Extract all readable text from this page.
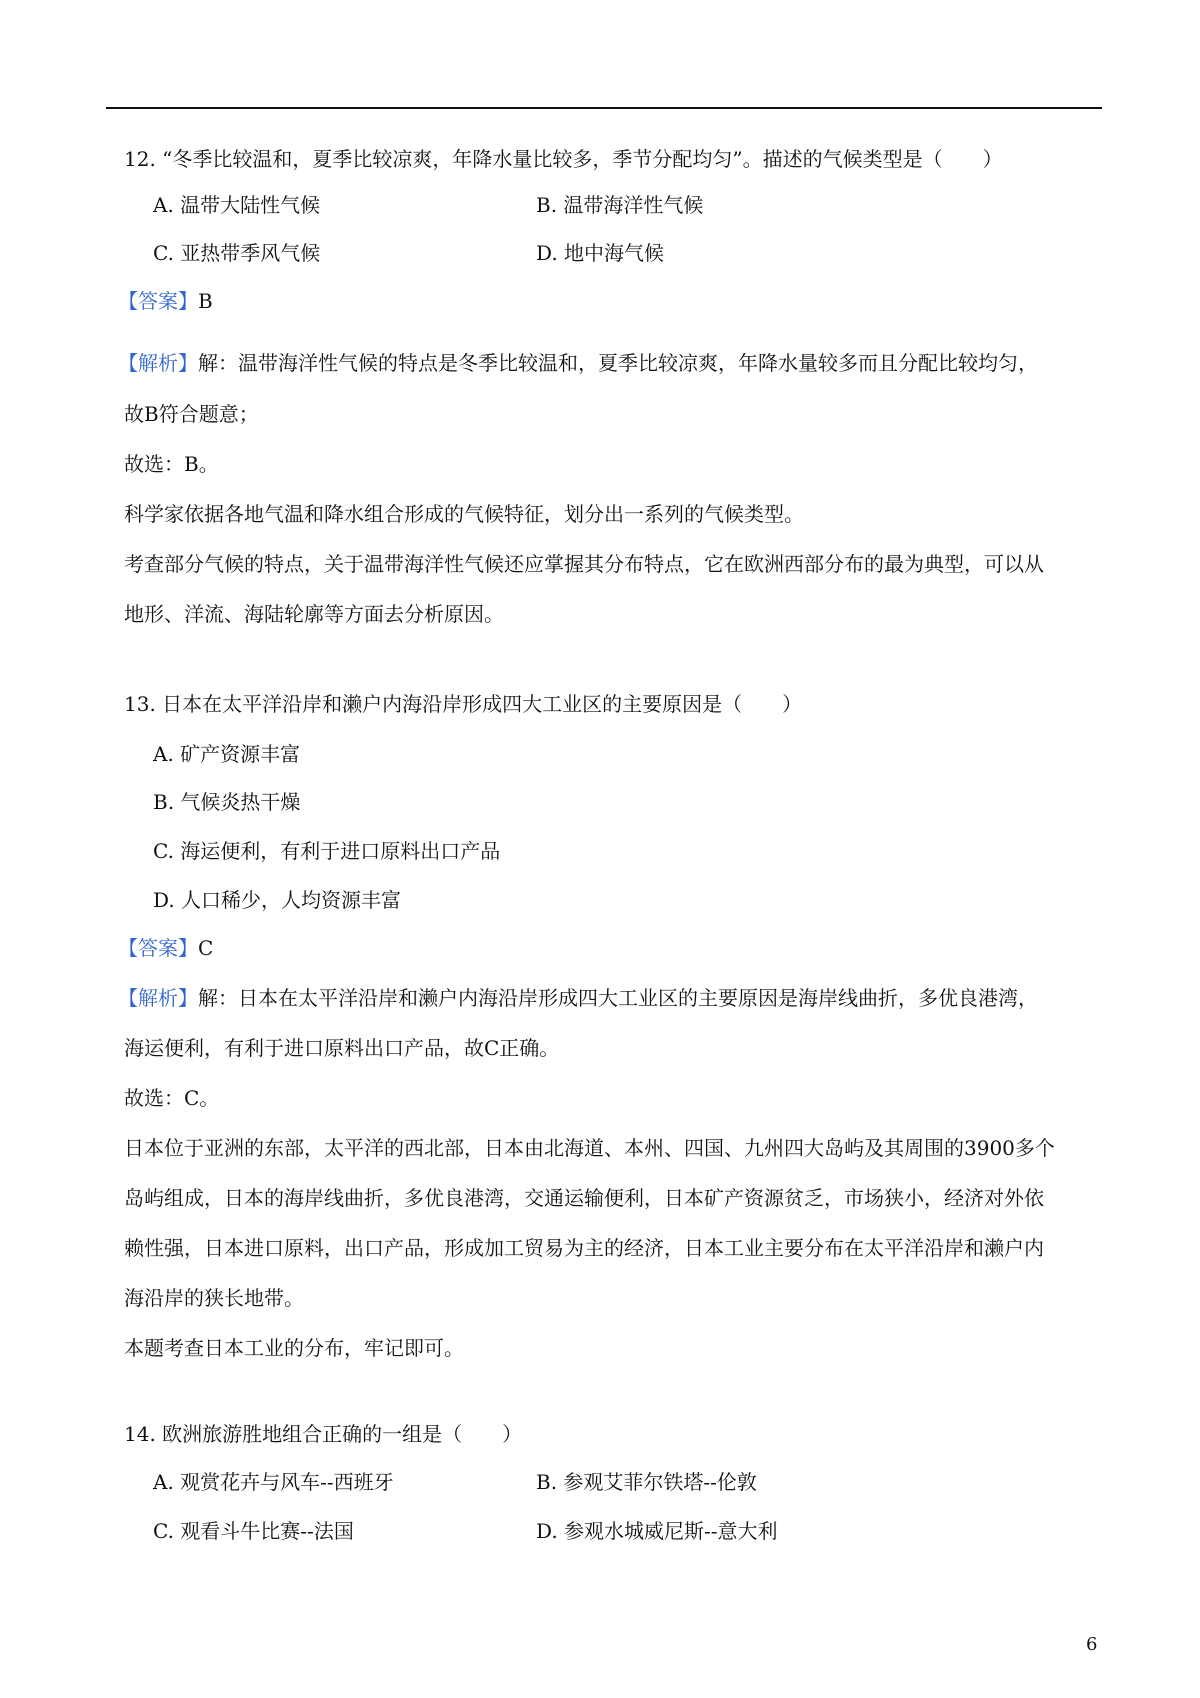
12. “冬季比较温和，夏季比较凉爽，年降水量比较多，季节分配均匀”。描述的气候类型是（　　）
A. 温带大陆性气候	B. 温带海洋性气候
C. 亚热带季风气候	D. 地中海气候
【答案】B
【解析】解：温带海洋性气候的特点是冬季比较温和，夏季比较凉爽，年降水量较多而且分配比较均匀，
故B符合题意；
故选：B。
科学家依据各地气温和降水组合形成的气候特征，划分出一系列的气候类型。
考查部分气候的特点，关于温带海洋性气候还应掌握其分布特点，它在欧洲西部分布的最为典型，可以从
地形、洋流、海陆轮廓等方面去分析原因。
13. 日本在太平洋沿岸和濑户内海沿岸形成四大工业区的主要原因是（　　）
A. 矿产资源丰富
B. 气候炎热干燥
C. 海运便利，有利于进口原料出口产品
D. 人口稀少，人均资源丰富
【答案】C
【解析】解：日本在太平洋沿岸和濑户内海沿岸形成四大工业区的主要原因是海岸线曲折，多优良港湾，
海运便利，有利于进口原料出口产品，故C正确。
故选：C。
日本位于亚洲的东部，太平洋的西北部，日本由北海道、本州、四国、九州四大岛屿及其周围的3900多个
岛屿组成，日本的海岸线曲折，多优良港湾，交通运输便利，日本矿产资源贫乏，市场狭小，经济对外依
赖性强，日本进口原料，出口产品，形成加工贸易为主的经济，日本工业主要分布在太平洋沿岸和濑户内
海沿岸的狭长地带。
本题考查日本工业的分布，牢记即可。
14. 欧洲旅游胜地组合正确的一组是（　　）
A. 观赏花卉与风车--西班牙	B. 参观艾菲尔铁塔--伦敦
C. 观看斗牛比赛--法国	D. 参观水城威尼斯--意大利
6
